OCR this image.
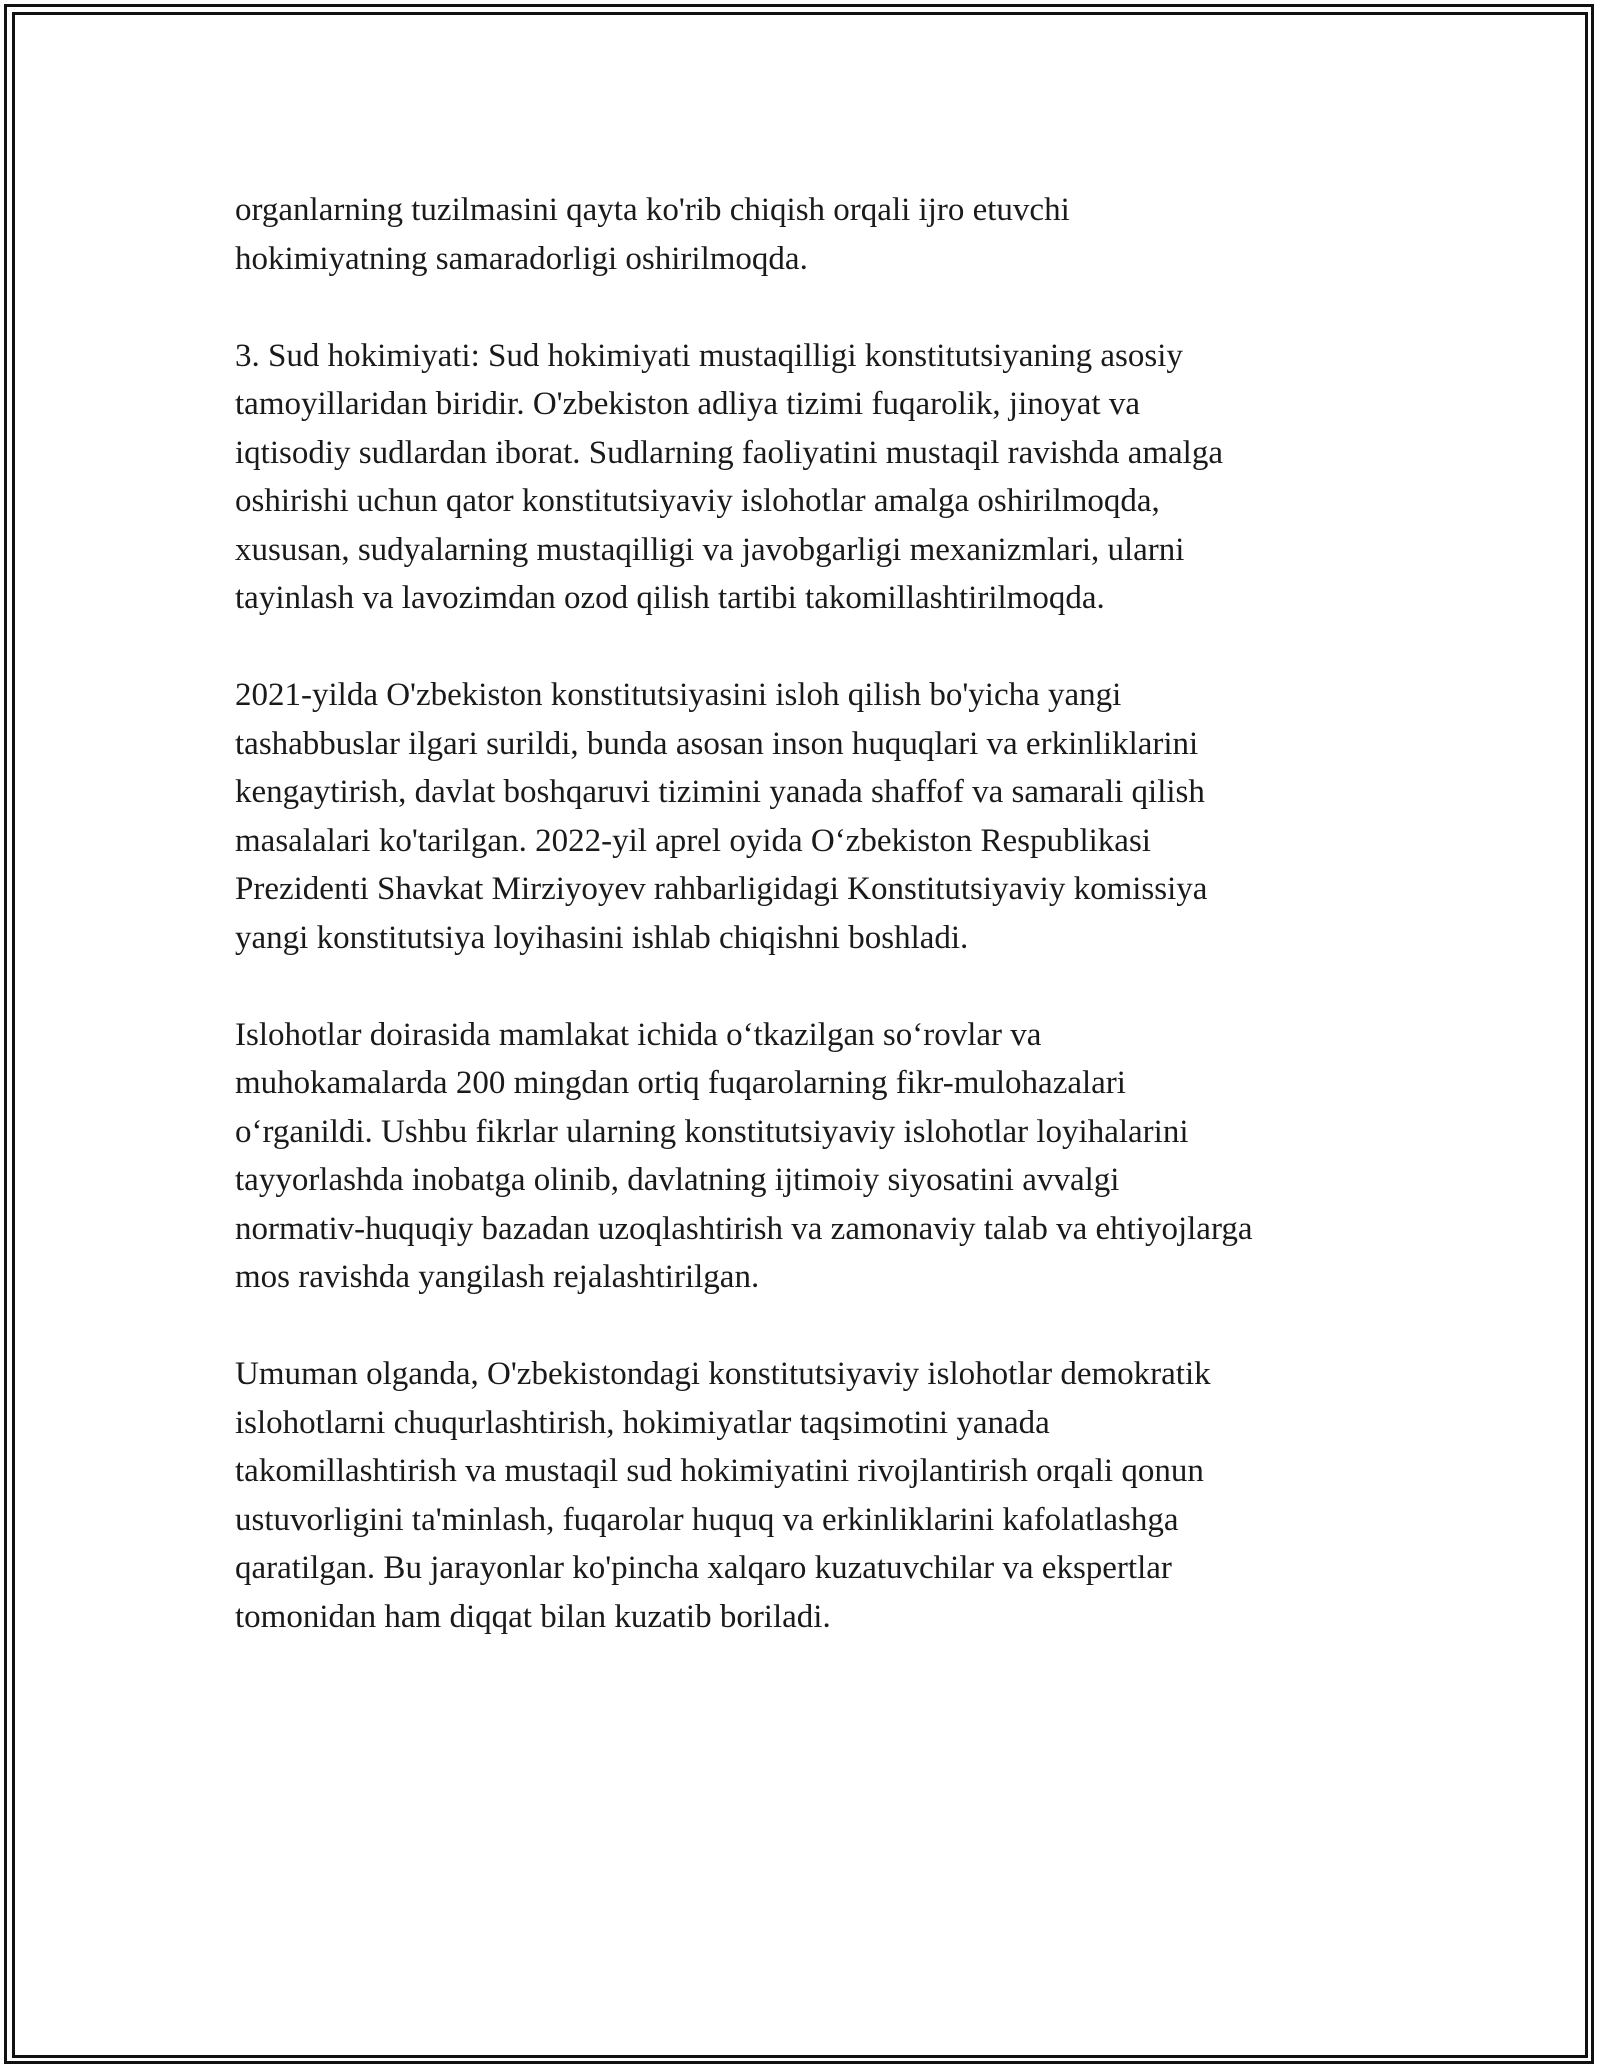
organlarning tuzilmasini qayta ko'rib chiqish orqali ijro etuvchi
hokimiyatning samaradorligi oshirilmoqda.

3. Sud hokimiyati: Sud hokimiyati mustaqilligi konstitutsiyaning asosiy
tamoyillaridan biridir. O'zbekiston adliya tizimi fuqarolik, jinoyat va
iqtisodiy sudlardan iborat. Sudlarning faoliyatini mustaqil ravishda amalga
oshirishi uchun qator konstitutsiyaviy islohotlar amalga oshirilmoqda,
xususan, sudyalarning mustaqilligi va javobgarligi mexanizmlari, ularni
tayinlash va lavozimdan ozod qilish tartibi takomillashtirilmoqda.

2021-yilda O'zbekiston konstitutsiyasini isloh qilish bo'yicha yangi
tashabbuslar ilgari surildi, bunda asosan inson huquqlari va erkinliklarini
kengaytirish, davlat boshqaruvi tizimini yanada shaffof va samarali qilish
masalalari ko'tarilgan. 2022-yil aprel oyida Oʻzbekiston Respublikasi
Prezidenti Shavkat Mirziyoyev rahbarligidagi Konstitutsiyaviy komissiya
yangi konstitutsiya loyihasini ishlab chiqishni boshladi.

Islohotlar doirasida mamlakat ichida oʻtkazilgan soʻrovlar va
muhokamalarda 200 mingdan ortiq fuqarolarning fikr-mulohazalari
oʻrganildi. Ushbu fikrlar ularning konstitutsiyaviy islohotlar loyihalarini
tayyorlashda inobatga olinib, davlatning ijtimoiy siyosatini avvalgi
normativ-huquqiy bazadan uzoqlashtirish va zamonaviy talab va ehtiyojlarga
mos ravishda yangilash rejalashtirilgan.

Umuman olganda, O'zbekistondagi konstitutsiyaviy islohotlar demokratik
islohotlarni chuqurlashtirish, hokimiyatlar taqsimotini yanada
takomillashtirish va mustaqil sud hokimiyatini rivojlantirish orqali qonun
ustuvorligini ta'minlash, fuqarolar huquq va erkinliklarini kafolatlashga
qaratilgan. Bu jarayonlar ko'pincha xalqaro kuzatuvchilar va ekspertlar
tomonidan ham diqqat bilan kuzatib boriladi.
